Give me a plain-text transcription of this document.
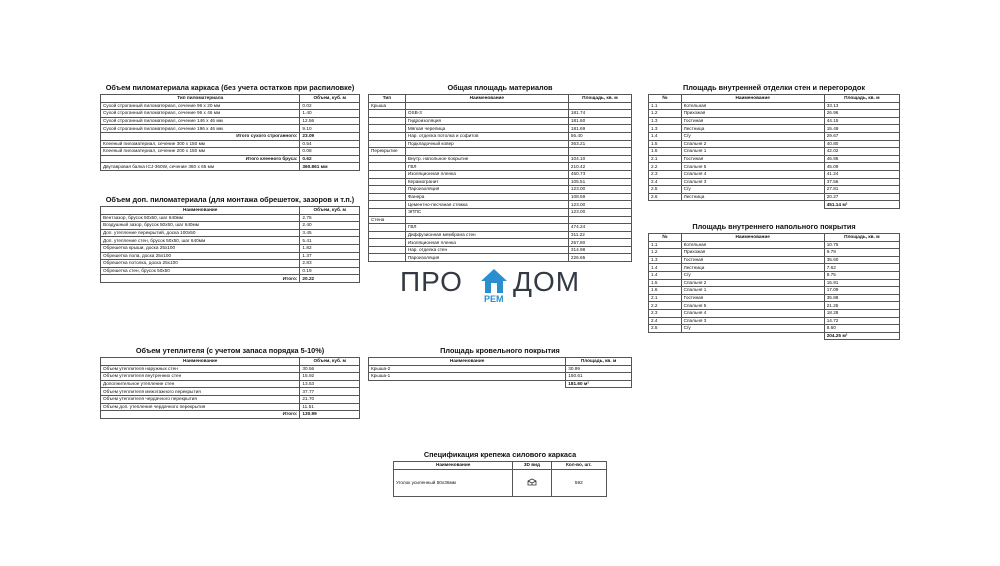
Объем пиломатериала каркаса (без учета остатков при распиловке)
Тип пиломатериала	Объем, куб. м
Сухой строганный пиломатериал, сечение 96 х 20 мм	0.02
Сухой строганный пиломатериал, сечение 96 х 46 мм	1.40
Сухой строганный пиломатериал, сечение 146 х 46 мм	12.56
Сухой строганный пиломатериал, сечение 196 х 46 мм	9.10
Итого сухого строганного:	23.09
Клееный пиломатериал, сечение 300 х 150 мм	0.54
Клееный пиломатериал, сечение 200 х 150 мм	0.08
Итого клееного бруса:	0.62
Двутавровая балка ICJ-360W, сечение 360 х 65 мм	360.861 мм
Объем доп. пиломатериала (для монтажа обрешеток, зазоров и т.п.)
Наименование	Объем, куб. м
Вентзазор, брусок 50х50, шаг 640мм	2.75
Воздушный зазор, брусок 50х50, шаг 640мм	2.40
Доп. утепление перекрытий, доска 100х50	3.45
Доп. утепление стен, брусок 50х50, шаг 640мм	5.41
Обрешетка крыши, доска 25х100	1.82
Обрешетка пола, доска 25х100	1.37
Обрешетка потолка, доска 25х100	2.83
Обрешетка стен, брусок 50х50	0.19
Итого:	20.22
Объем утеплителя (с учетом запаса порядка 5-10%)
Наименование	Объем, куб. м
Объем утеплителя наружных стен	30.56
Объем утеплителя внутренних стен	15.92
Дополнительное утепление стен	13.53
Объем утеплителя межэтажного перекрытия	37.77
Объем утеплителя чердачного перекрытия	21.70
Объем доп. утепления чердачного перекрытия	11.51
Итого:	130.99
Общая площадь материалов
Тип	Наименование	Площадь, кв. м
Крыша		
	OSB-3	181.74
	Гидроизоляция	181.60
	Мягкая черепица	181.69
	Нар. отделка потолка и софитов	56.40
	Подкладочный ковер	363.21
Перекрытие		
	Внутр. напольное покрытие	104.10
	ГВЛ	210.42
	Изоляционная пленка	450.73
	Керамогранит	105.51
	Пароизоляция	123.00
	Фанера	108.59
	Цементно-песчаная стяжка	123.00
	ЭППС	123.00
Стена		
	ГВЛ	474.24
	Диффузионная мембрана стен	311.22
	Изоляционная пленка	257.80
	Нар. отделка стен	314.98
	Пароизоляция	226.65
ПРО
РЕМ
ДОМ
Площадь кровельного покрытия
Наименование	Площадь, кв. м
Крыша-2	30.99
Крыша-1	150.61
	181.60 м²
Площадь внутренней отделки стен и перегородок
№	Наименование	Площадь, кв. м
1.1	Котельная	33.13
1.2	Прихожая	26.96
1.3	Гостиная	44.15
1.3	Лестница	15.49
1.4	С/у	29.67
1.5	Спальня 2	40.80
1.6	Спальня 1	42.02
2.1	Гостиная	46.95
2.2	Спальня 5	45.09
2.3	Спальня 4	41.24
2.4	Спальня 3	37.56
2.5	С/у	27.81
2.6	Лестница	20.27
		451.14 м²
Площадь внутреннего напольного покрытия
№	Наименование	Площадь, кв. м
1.1	Котельная	10.75
1.2	Прихожая	9.79
1.3	Гостиная	35.60
1.4	Лестница	7.62
1.4	С/у	8.75
1.5	Спальня 2	15.91
1.6	Спальня 1	17.09
2.1	Гостиная	35.88
2.2	Спальня 5	21.25
2.3	Спальня 4	18.28
2.4	Спальня 3	14.72
2.5	С/у	8.60
		204.25 м²
Спецификация крепежа силового каркаса
Наименование	3D вид	Кол-во, шт.
Уголок усиленный 50х36мм		592
